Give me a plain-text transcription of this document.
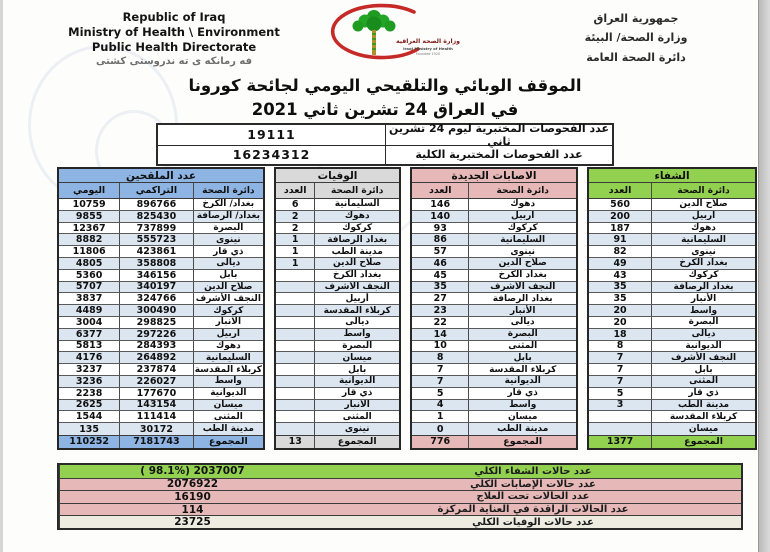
Republic of Iraq
Ministry of Health \ Environment
Public Health Directorate
فه رمانكه ى ته ندروستى كشتى
وزارة الصحة العراقية
Iraqi Ministry of Health
Founded 1920
جمهورية العراق
وزارة الصحة/ البيئة
دائرة الصحة العامة
الموقف الوبائي والتلقيحي اليومي لجائحة كورونا
في العراق 24 تشرين ثاني 2021
عدد الفحوصات المختبرية ليوم 24 تشرين ثاني
19111
عدد الفحوصات المختبرية الكلية
16234312
الشفاء
دائرة الصحة
العدد
صلاح الدين
560
أربيل
200
دهوك
187
السليمانية
91
نينوى
82
بغداد الكرخ
49
كركوك
43
بغداد الرصافة
35
الأنبار
35
واسط
20
البصرة
20
ديالى
18
الديوانية
8
النجف الأشرف
7
بابل
7
المثنى
7
ذي قار
5
مدينة الطب
3
كربلاء المقدسة
ميسان
المجموع
1377
الاصابات الجديدة
دائرة الصحة
العدد
دهوك
146
أربيل
140
كركوك
93
السليمانية
86
نينوى
57
صلاح الدين
46
بغداد الكرخ
45
النجف الأشرف
35
بغداد الرصافة
27
الأنبار
23
ديالى
22
البصرة
14
المثنى
10
بابل
8
كربلاء المقدسة
7
الديوانية
7
ذي قار
5
واسط
4
ميسان
1
مدينة الطب
0
المجموع
776
الوفيات
دائرة الصحة
العدد
السليمانية
6
دهوك
2
كركوك
2
بغداد الرصافة
1
مدينة الطب
1
صلاح الدين
1
بغداد الكرخ
النجف الأشرف
أربيل
كربلاء المقدسة
ديالى
واسط
البصرة
ميسان
بابل
الديوانية
ذي قار
الأنبار
المثنى
نينوى
المجموع
13
عدد الملقحين
دائرة الصحة
التراكمي
اليومي
بغداد/ الكرخ
896766
10759
بغداد/ الرصافة
825430
9855
البصرة
737899
12367
نينوى
555723
8882
ذي قار
423861
11806
ديالى
358808
4805
بابل
346156
5360
صلاح الدين
340197
5707
النجف الأشرف
324766
3837
كركوك
300490
4489
الانبار
298825
3004
أربيل
297226
6377
دهوك
284393
5813
السليمانية
264892
4176
كربلاء المقدسة
237874
3237
واسط
226027
3236
الديوانية
177670
2238
ميسان
143154
2625
المثنى
111414
1544
مدينة الطب
30172
135
المجموع
7181743
110252
عدد حالات الشفاء الكلي
( 98.1%) 2037007
عدد حالات الإصابات الكلي
2076922
عدد الحالات تحت العلاج
16190
عدد الحالات الراقدة في العناية المركزة
114
عدد حالات الوفيات الكلي
23725
